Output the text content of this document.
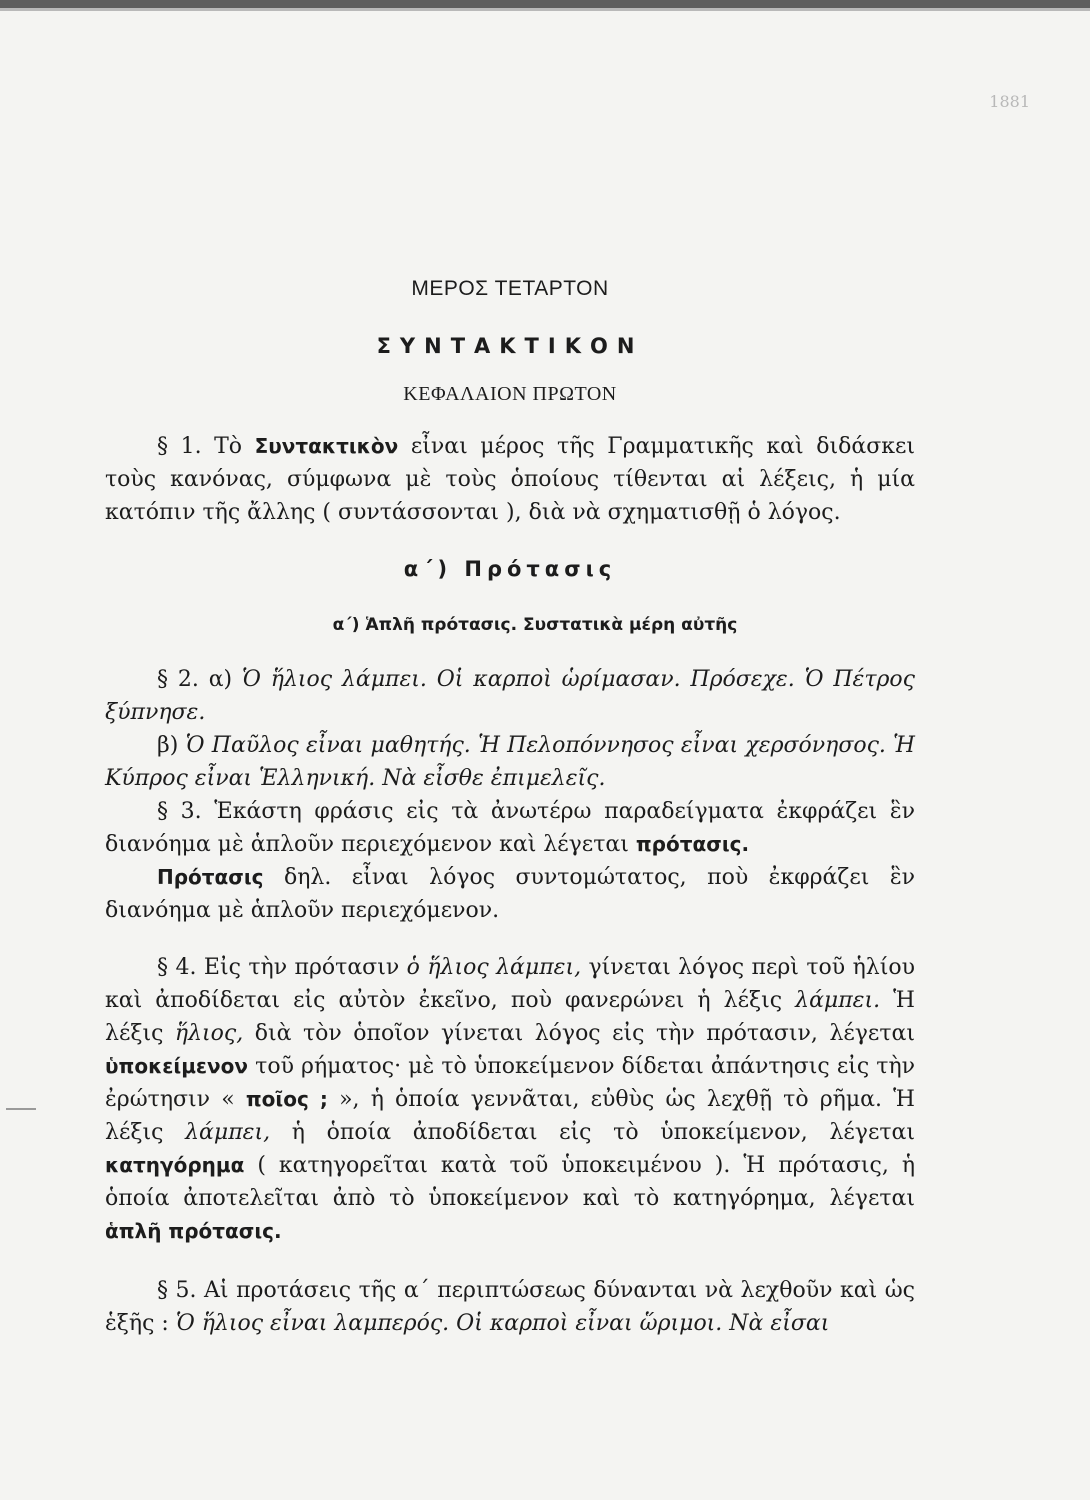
1881
ΜΕΡΟΣ ΤΕΤΑΡΤΟΝ
ΣΥΝΤΑΚΤΙΚΟΝ
ΚΕΦΑΛΑΙΟΝ ΠΡΩΤΟΝ

§ 1. Τὸ Συντακτικὸν εἶναι μέρος τῆς Γραμματικῆς καὶ διδάσκει τοὺς κανόνας, σύμφωνα μὲ τοὺς ὁποίους τίθενται αἱ λέξεις, ἡ μία κατόπιν τῆς ἄλλης ( συντάσσονται ), διὰ νὰ σχηματισθῇ ὁ λόγος.

α΄) Πρότασις
α΄) Ἁπλῆ πρότασις. Συστατικὰ μέρη αὐτῆς

§ 2. α) Ὁ ἥλιος λάμπει. Οἱ καρποὶ ὡρίμασαν. Πρόσεχε. Ὁ Πέτρος ξύπνησε.

β) Ὁ Παῦλος εἶναι μαθητής. Ἡ Πελοπόννησος εἶναι χερσόνησος. Ἡ Κύπρος εἶναι Ἑλληνική. Νὰ εἶσθε ἐπιμελεῖς.

§ 3. Ἑκάστη φράσις εἰς τὰ ἀνωτέρω παραδείγματα ἐκφράζει ἓν διανόημα μὲ ἁπλοῦν περιεχόμενον καὶ λέγεται πρότασις.

Πρότασις δηλ. εἶναι λόγος συντομώτατος, ποὺ ἐκφράζει ἓν διανόημα μὲ ἁπλοῦν περιεχόμενον.

§ 4. Εἰς τὴν πρότασιν ὁ ἥλιος λάμπει, γίνεται λόγος περὶ τοῦ ἡλίου καὶ ἀποδίδεται εἰς αὐτὸν ἐκεῖνο, ποὺ φανερώνει ἡ λέξις λάμπει. Ἡ λέξις ἥλιος, διὰ τὸν ὁποῖον γίνεται λόγος εἰς τὴν πρότασιν, λέγεται ὑποκείμενον τοῦ ρήματος· μὲ τὸ ὑποκείμενον δίδεται ἀπάντησις εἰς τὴν ἐρώτησιν « ποῖος ; », ἡ ὁποία γεννᾶται, εὐθὺς ὡς λεχθῇ τὸ ρῆμα. Ἡ λέξις λάμπει, ἡ ὁποία ἀποδίδεται εἰς τὸ ὑποκείμενον, λέγεται κατηγόρημα ( κατηγορεῖται κατὰ τοῦ ὑποκειμένου ). Ἡ πρότασις, ἡ ὁποία ἀποτελεῖται ἀπὸ τὸ ὑποκείμενον καὶ τὸ κατηγόρημα, λέγεται ἁπλῆ πρότασις.

§ 5. Αἱ προτάσεις τῆς α΄ περιπτώσεως δύνανται νὰ λεχθοῦν καὶ ὡς ἑξῆς : Ὁ ἥλιος εἶναι λαμπερός. Οἱ καρποὶ εἶναι ὥριμοι. Νὰ εἶσαι
